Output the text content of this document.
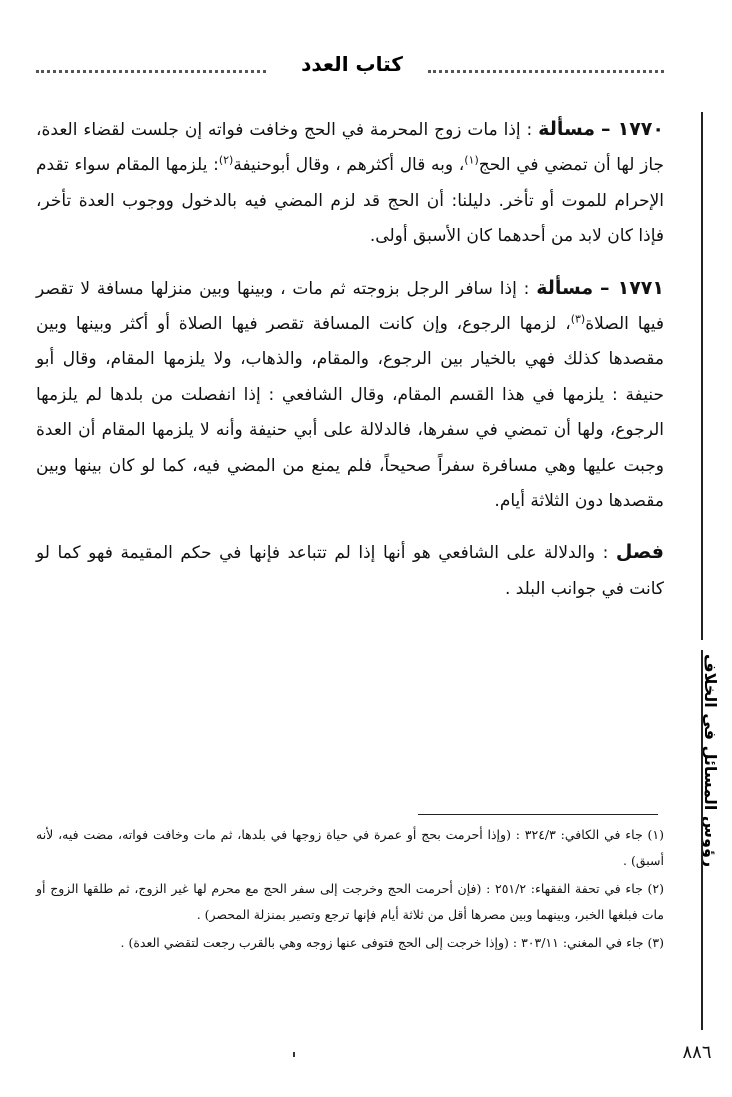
كتاب العدد
رؤوس المسائل في الخلاف

١٧٧٠ – مسألة : إذا مات زوج المحرمة في الحج وخافت فواته إن جلست لقضاء العدة، جاز لها أن تمضي في الحج$^{(١)}$، وبه قال أكثرهم ، وقال أبوحنيفة$^{(٢)}$: يلزمها المقام سواء تقدم الإحرام للموت أو تأخر. دليلنا: أن الحج قد لزم المضي فيه بالدخول ووجوب العدة تأخر، فإذا كان لابد من أحدهما كان الأسبق أولى.

١٧٧١ – مسألة : إذا سافر الرجل بزوجته ثم مات ، وبينها وبين منزلها مسافة لا تقصر فيها الصلاة$^{(٣)}$، لزمها الرجوع، وإن كانت المسافة تقصر فيها الصلاة أو أكثر وبينها وبين مقصدها كذلك فهي بالخيار بين الرجوع، والمقام، والذهاب، ولا يلزمها المقام، وقال أبو حنيفة : يلزمها في هذا القسم المقام، وقال الشافعي : إذا انفصلت من بلدها لم يلزمها الرجوع، ولها أن تمضي في سفرها، فالدلالة على أبي حنيفة وأنه لا يلزمها المقام أن العدة وجبت عليها وهي مسافرة سفراً صحيحاً، فلم يمنع من المضي فيه، كما لو كان بينها وبين مقصدها دون الثلاثة أيام.

فصل : والدلالة على الشافعي هو أنها إذا لم تتباعد فإنها في حكم المقيمة فهو كما لو كانت في جوانب البلد .

(١) جاء في الكافي: ٣٢٤/٣ : (وإذا أحرمت بحج أو عمرة في حياة زوجها في بلدها، ثم مات وخافت فواته، مضت فيه، لأنه أسبق) .

(٢) جاء في تحفة الفقهاء: ٢٥١/٢ : (فإن أحرمت الحج وخرجت إلى سفر الحج مع محرم لها غير الزوج، ثم طلقها الزوج أو مات فبلغها الخبر، وبينهما وبين مصرها أقل من ثلاثة أيام فإنها ترجع وتصير بمنزلة المحصر) .

(٣) جاء في المغني: ٣٠٣/١١ : (وإذا خرجت إلى الحج فتوفى عنها زوجه وهي بالقرب رجعت لتقضي العدة) .

٨٨٦
